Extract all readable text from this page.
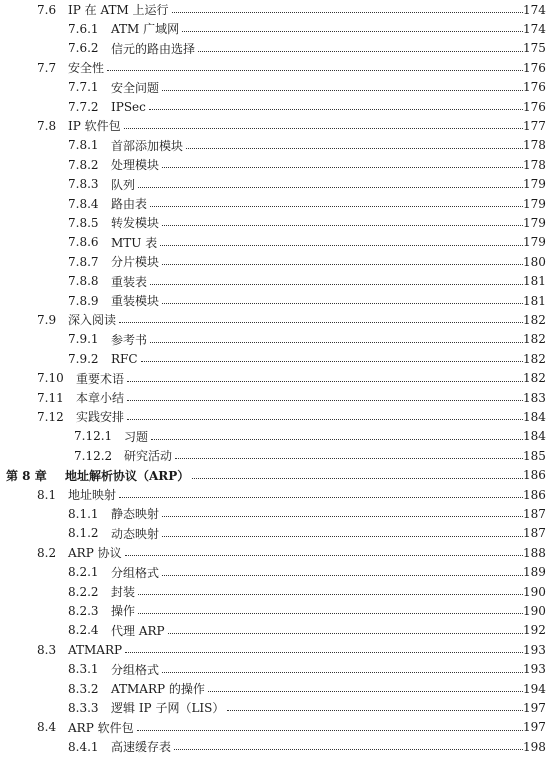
7.6 IP 在 ATM 上运行	174
7.6.1 ATM 广域网	174
7.6.2 信元的路由选择	175
7.7 安全性	176
7.7.1 安全问题	176
7.7.2 IPSec	176
7.8 IP 软件包	177
7.8.1 首部添加模块	178
7.8.2 处理模块	178
7.8.3 队列	179
7.8.4 路由表	179
7.8.5 转发模块	179
7.8.6 MTU 表	179
7.8.7 分片模块	180
7.8.8 重装表	181
7.8.9 重装模块	181
7.9 深入阅读	182
7.9.1 参考书	182
7.9.2 RFC	182
7.10 重要术语	182
7.11 本章小结	183
7.12 实践安排	184
7.12.1 习题	184
7.12.2 研究活动	185
第 8 章 地址解析协议（ARP）	186
8.1 地址映射	186
8.1.1 静态映射	187
8.1.2 动态映射	187
8.2 ARP 协议	188
8.2.1 分组格式	189
8.2.2 封装	190
8.2.3 操作	190
8.2.4 代理 ARP	192
8.3 ATMARP	193
8.3.1 分组格式	193
8.3.2 ATMARP 的操作	194
8.3.3 逻辑 IP 子网（LIS）	197
8.4 ARP 软件包	197
8.4.1 高速缓存表	198
